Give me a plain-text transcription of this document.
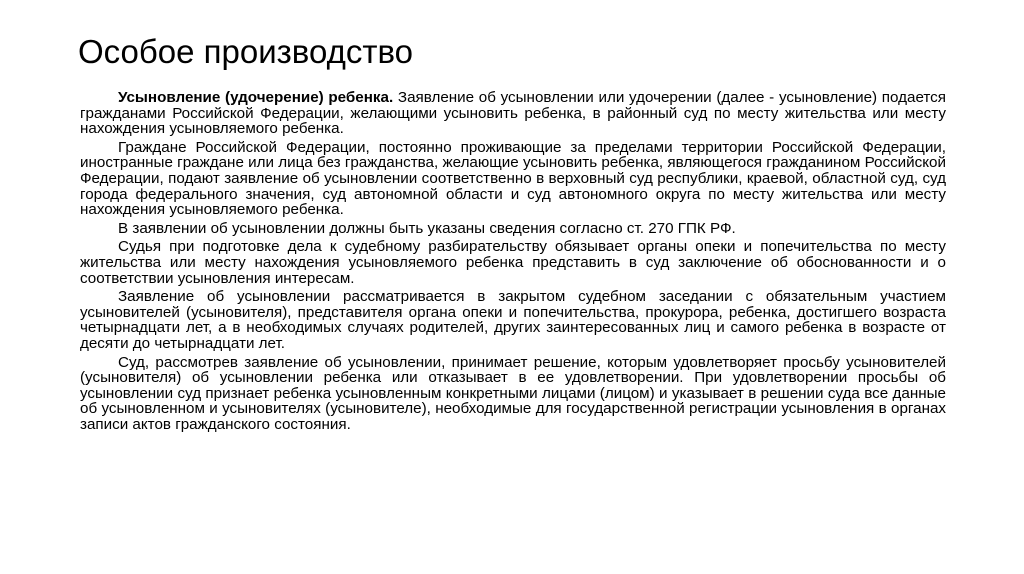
Особое производство

Усыновление (удочерение) ребенка. Заявление об усыновлении или удочерении (далее - усыновление) подается гражданами Российской Федерации, желающими усыновить ребенка, в районный суд по месту жительства или месту нахождения усыновляемого ребенка.

Граждане Российской Федерации, постоянно проживающие за пределами территории Российской Федерации, иностранные граждане или лица без гражданства, желающие усыновить ребенка, являющегося гражданином Российской Федерации, подают заявление об усыновлении соответственно в верховный суд республики, краевой, областной суд, суд города федерального значения, суд автономной области и суд автономного округа по месту жительства или месту нахождения усыновляемого ребенка.

В заявлении об усыновлении должны быть указаны сведения согласно ст. 270 ГПК РФ.

Судья при подготовке дела к судебному разбирательству обязывает органы опеки и попечительства по месту жительства или месту нахождения усыновляемого ребенка представить в суд заключение об обоснованности и о соответствии усыновления интересам.

Заявление об усыновлении рассматривается в закрытом судебном заседании с обязательным участием усыновителей (усыновителя), представителя органа опеки и попечительства, прокурора, ребенка, достигшего возраста четырнадцати лет, а в необходимых случаях родителей, других заинтересованных лиц и самого ребенка в возрасте от десяти до четырнадцати лет.

Суд, рассмотрев заявление об усыновлении, принимает решение, которым удовлетворяет просьбу усыновителей (усыновителя) об усыновлении ребенка или отказывает в ее удовлетворении. При удовлетворении просьбы об усыновлении суд признает ребенка усыновленным конкретными лицами (лицом) и указывает в решении суда все данные об усыновленном и усыновителях (усыновителе), необходимые для государственной регистрации усыновления в органах записи актов гражданского состояния.
